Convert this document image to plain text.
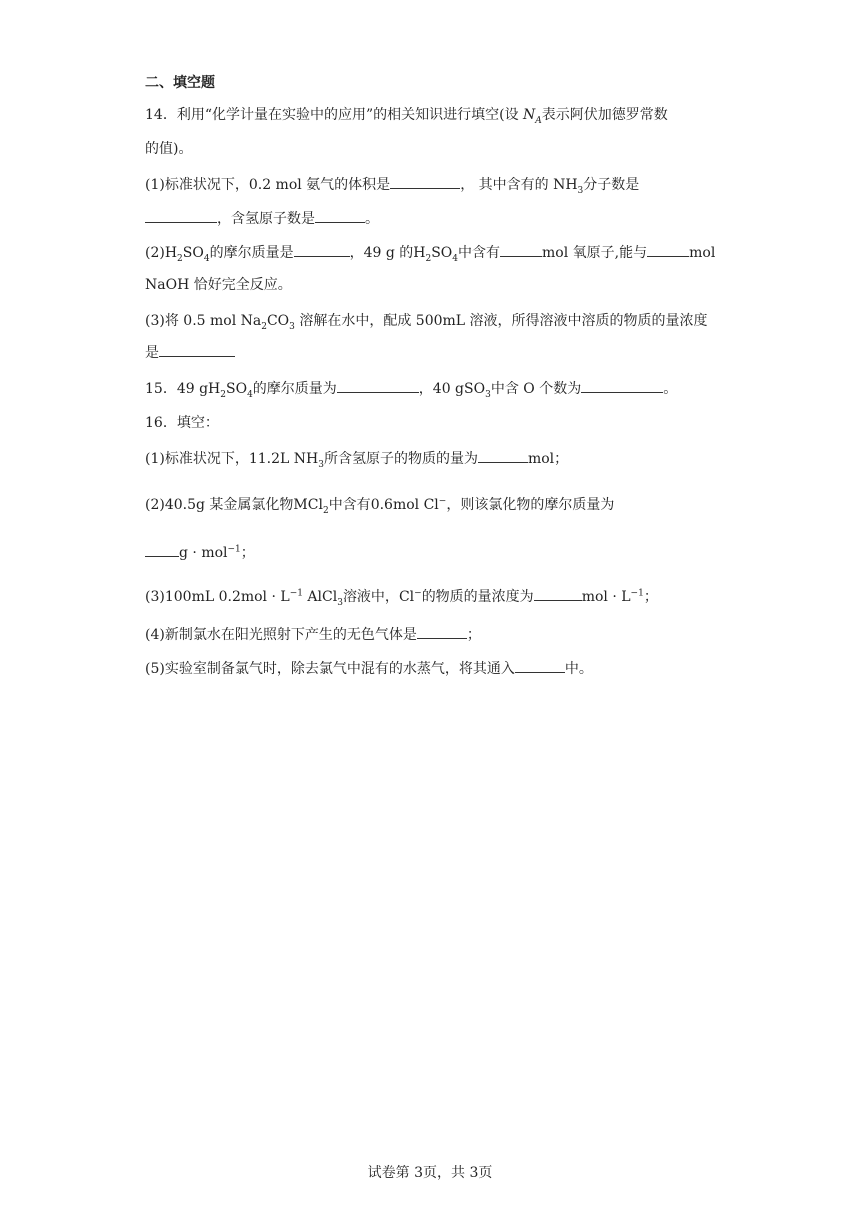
二、填空题
14．利用“化学计量在实验中的应用”的相关知识进行填空(设 $N_A$表示阿伏加德罗常数
的值)。
(1)标准状况下，0.2 mol 氨气的体积是	， 其中含有的 $NH_3$分子数是
，含氢原子数是	。
$(2)H_2SO_4$的摩尔质量是	，49 g 的$H_2SO_4$中含有	mol 氧原子,能与	mol
NaOH 恰好完全反应。
(3)将 0.5 mol $Na_2CO_3$ 溶解在水中，配成 500mL 溶液，所得溶液中溶质的物质的量浓度
是
15．49 $gH_2SO_4$的摩尔质量为	，40 gSO$_3$中含 O 个数为	。
16．填空：
(1)标准状况下，11.2L $NH_3$所含氢原子的物质的量为	mol；
(2)40.5g 某金属氯化物MCl$_2$中含有0.6mol Cl−，则该氯化物的摩尔质量为
g · mol$^{-1}$；
(3)100mL $0.2mol \cdot L^{-1}$ AlCl$_3$溶液中，Cl−的物质的量浓度为	mol · $L^{-1}$；
(4)新制氯水在阳光照射下产生的无色气体是	；
(5)实验室制备氯气时，除去氯气中混有的水蒸气，将其通入	中。
试卷第 3页，共 3页
